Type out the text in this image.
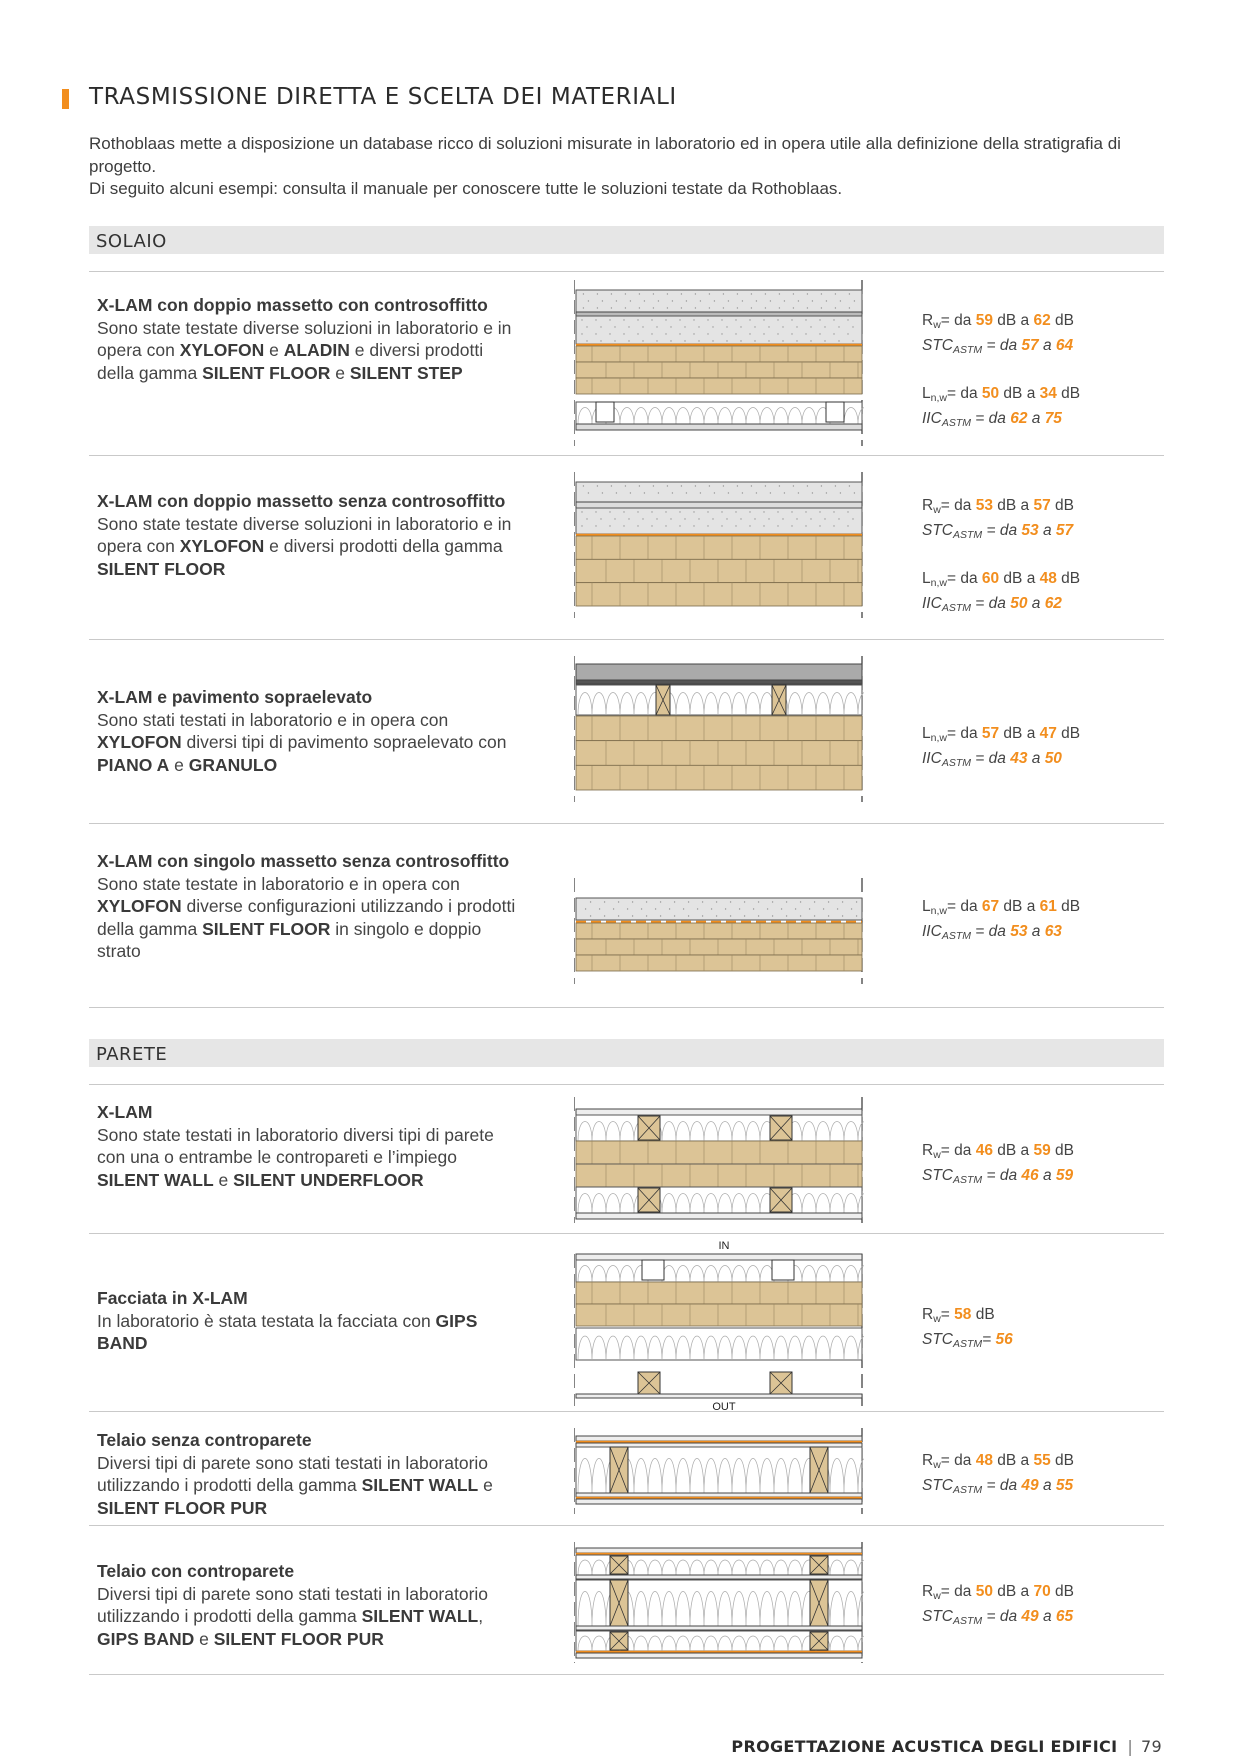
TRASMISSIONE DIRETTA E SCELTA DEI MATERIALI

Rothoblaas mette a disposizione un database ricco di soluzioni misurate in laboratorio ed in opera utile alla definizione della stratigrafia di progetto.

Di seguito alcuni esempi: consulta il manuale per conoscere tutte le soluzioni testate da Rothoblaas.

SOLAIO
PARETE
X-LAM con doppio massetto con controsoffitto
Sono state testate diverse soluzioni in laboratorio e in opera con XYLOFON e ALADIN e diversi prodotti della gamma SILENT FLOOR e SILENT STEP
X-LAM con doppio massetto senza controsoffitto
Sono state testate diverse soluzioni in laboratorio e in opera con XYLOFON e diversi prodotti della gamma SILENT FLOOR
X-LAM e pavimento sopraelevato
Sono stati testati in laboratorio e in opera con XYLOFON diversi tipi di pavimento sopraelevato con PIANO A e GRANULO
X-LAM con singolo massetto senza controsoffitto
Sono state testate in laboratorio e in opera con XYLOFON diverse configurazioni utilizzando i prodotti della gamma SILENT FLOOR in singolo e doppio strato
X-LAM
Sono state testati in laboratorio diversi tipi di parete con una o entrambe le contropareti e l’impiego SILENT WALL e SILENT UNDERFLOOR
Facciata in X-LAM
In laboratorio è stata testata la facciata con GIPS BAND
Telaio senza controparete
Diversi tipi di parete sono stati testati in laboratorio utilizzando i prodotti della gamma SILENT WALL e SILENT FLOOR PUR
Telaio con controparete
Diversi tipi di parete sono stati testati in laboratorio utilizzando i prodotti della gamma SILENT WALL, GIPS BAND e SILENT FLOOR PUR
$R_w=$ da 59 dB a 62 dB
$STC_{ASTM}$ = da 57 a 64
$L_{n,w}=$ da 50 dB a 34 dB
$IIC_{ASTM}$ = da 62 a 75
$R_w=$ da 53 dB a 57 dB
$STC_{ASTM}$ = da 53 a 57
$L_{n,w}=$ da 60 dB a 48 dB
$IIC_{ASTM}$ = da 50 a 62
$L_{n,w}=$ da 57 dB a 47 dB
$IIC_{ASTM}$ = da 43 a 50
$L_{n,w}=$ da 67 dB a 61 dB
$IIC_{ASTM}$ = da 53 a 63
$R_w=$ da 46 dB a 59 dB
$STC_{ASTM}$ = da 46 a 59
$R_w= 58$ dB
$STC_{ASTM}= 56$
$R_w=$ da 48 dB a 55 dB
$STC_{ASTM}$ = da 49 a 55
$R_w=$ da 50 dB a 70 dB
$STC_{ASTM}$ = da 49 a 65
IN
OUT
PROGETTAZIONE ACUSTICA DEGLI EDIFICI | 79
